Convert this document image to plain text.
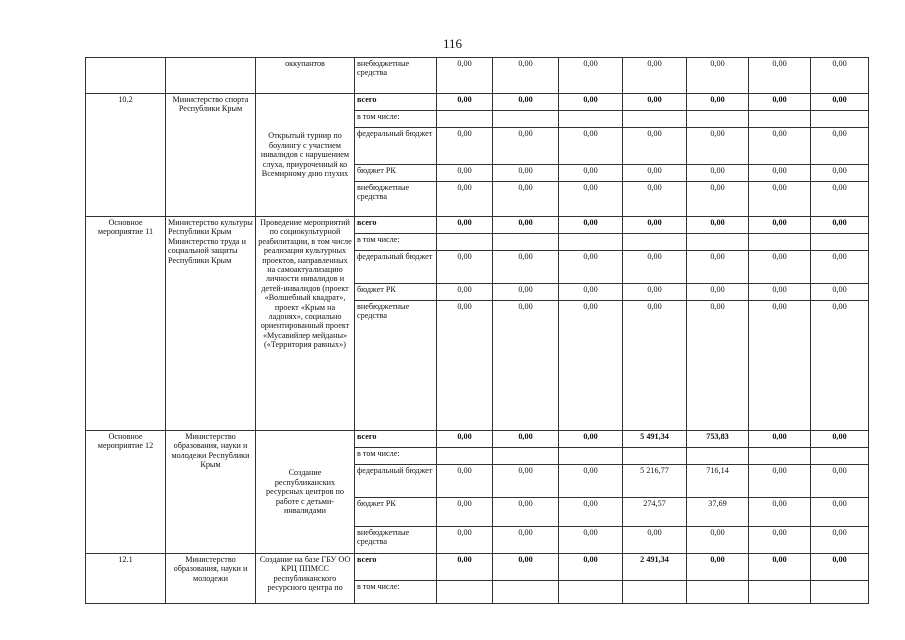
116
		оккупантов	внебюджетные средства	0,00	0,00	0,00	0,00	0,00	0,00	0,00
10.2	Министерство спорта Республики Крым	Открытый турнир по боулингу с участием инвалидов с нарушением слуха, приуроченный ко Всемирному дню глухих	всего	0,00	0,00	0,00	0,00	0,00	0,00	0,00
			в том числе:							
			федеральный бюджет	0,00	0,00	0,00	0,00	0,00	0,00	0,00
			бюджет РК	0,00	0,00	0,00	0,00	0,00	0,00	0,00
			внебюджетные средства	0,00	0,00	0,00	0,00	0,00	0,00	0,00
Основное мероприятие 11	Министерство культуры Республики Крым Министерство труда и социальной защиты Республики Крым	Проведение мероприятий по социокультурной реабилитации, в том числе реализация культурных проектов, направленных на самоактуализацию личности инвалидов и детей-инвалидов (проект «Волшебный квадрат», проект «Крым на ладонях», социально ориентированный проект «Мусавийлер мейданы» («Территория равных»)	всего	0,00	0,00	0,00	0,00	0,00	0,00	0,00
			в том числе:							
			федеральный бюджет	0,00	0,00	0,00	0,00	0,00	0,00	0,00
			бюджет РК	0,00	0,00	0,00	0,00	0,00	0,00	0,00
			внебюджетные средства	0,00	0,00	0,00	0,00	0,00	0,00	0,00
Основное мероприятие 12	Министерство образования, науки и молодежи Республики Крым	Создание республиканских ресурсных центров по работе с детьми-инвалидами	всего	0,00	0,00	0,00	5 491,34	753,83	0,00	0,00
			в том числе:							
			федеральный бюджет	0,00	0,00	0,00	5 216,77	716,14	0,00	0,00
			бюджет РК	0,00	0,00	0,00	274,57	37,69	0,00	0,00
			внебюджетные средства	0,00	0,00	0,00	0,00	0,00	0,00	0,00
12.1	Министерство образования, науки и молодежи	Создание на базе ГБУ ОО КРЦ ППМСС республиканского ресурсного центра по	всего	0,00	0,00	0,00	2 491,34	0,00	0,00	0,00
			в том числе:							
